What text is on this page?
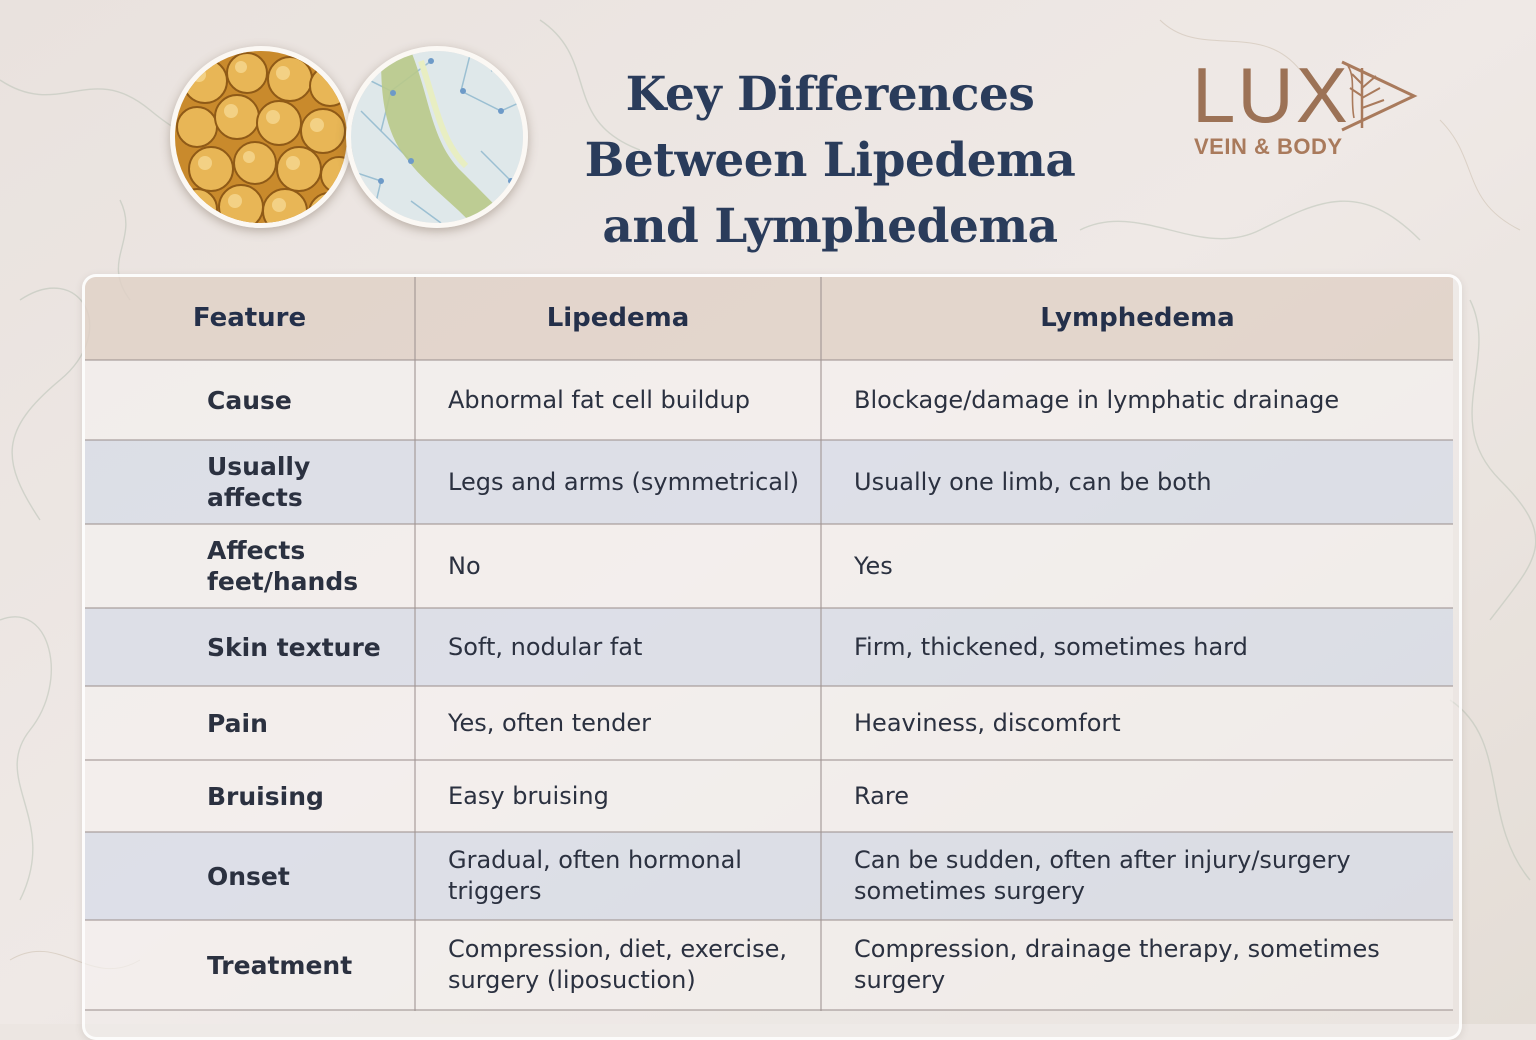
Key Differences
Between Lipedema
and Lymphedema
LUX
VEIN & BODY
Feature	Lipedema	Lymphedema
Cause	Abnormal fat cell buildup	Blockage/damage in lymphatic drainage
Usually affects	Legs and arms (symmetrical)	Usually one limb, can be both
Affects feet/hands	No	Yes
Skin texture	Soft, nodular fat	Firm, thickened, sometimes hard
Pain	Yes, often tender	Heaviness, discomfort
Bruising	Easy bruising	Rare
Onset	Gradual, often hormonal triggers	Can be sudden, often after injury/surgery sometimes surgery
Treatment	Compression, diet, exercise, surgery (liposuction)	Compression, drainage therapy, sometimes surgery
